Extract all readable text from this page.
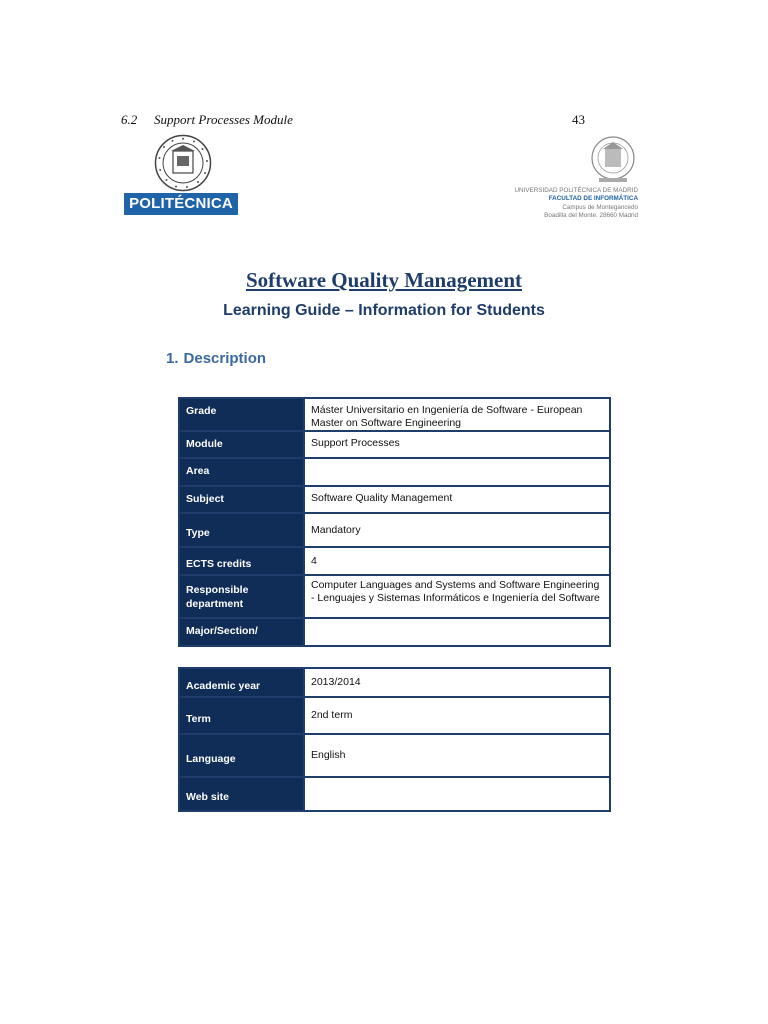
6.2 Support Processes Module	43
POLITÉCNICA
UNIVERSIDAD POLITÉCNICA DE MADRID
FACULTAD DE INFORMÁTICA
Campus de Montegancedo
Boadilla del Monte. 28660 Madrid
Software Quality Management
Learning Guide – Information for Students
1. Description
Grade	Máster Universitario en Ingeniería de Software - European Master on Software Engineering
Module	Support Processes
Area	
Subject	Software Quality Management
Type	Mandatory
ECTS credits	4
Responsible department	Computer Languages and Systems and Software Engineering - Lenguajes y Sistemas Informáticos e Ingeniería del Software
Major/Section/	
Academic year	2013/2014
Term	2nd term
Language	English
Web site	
